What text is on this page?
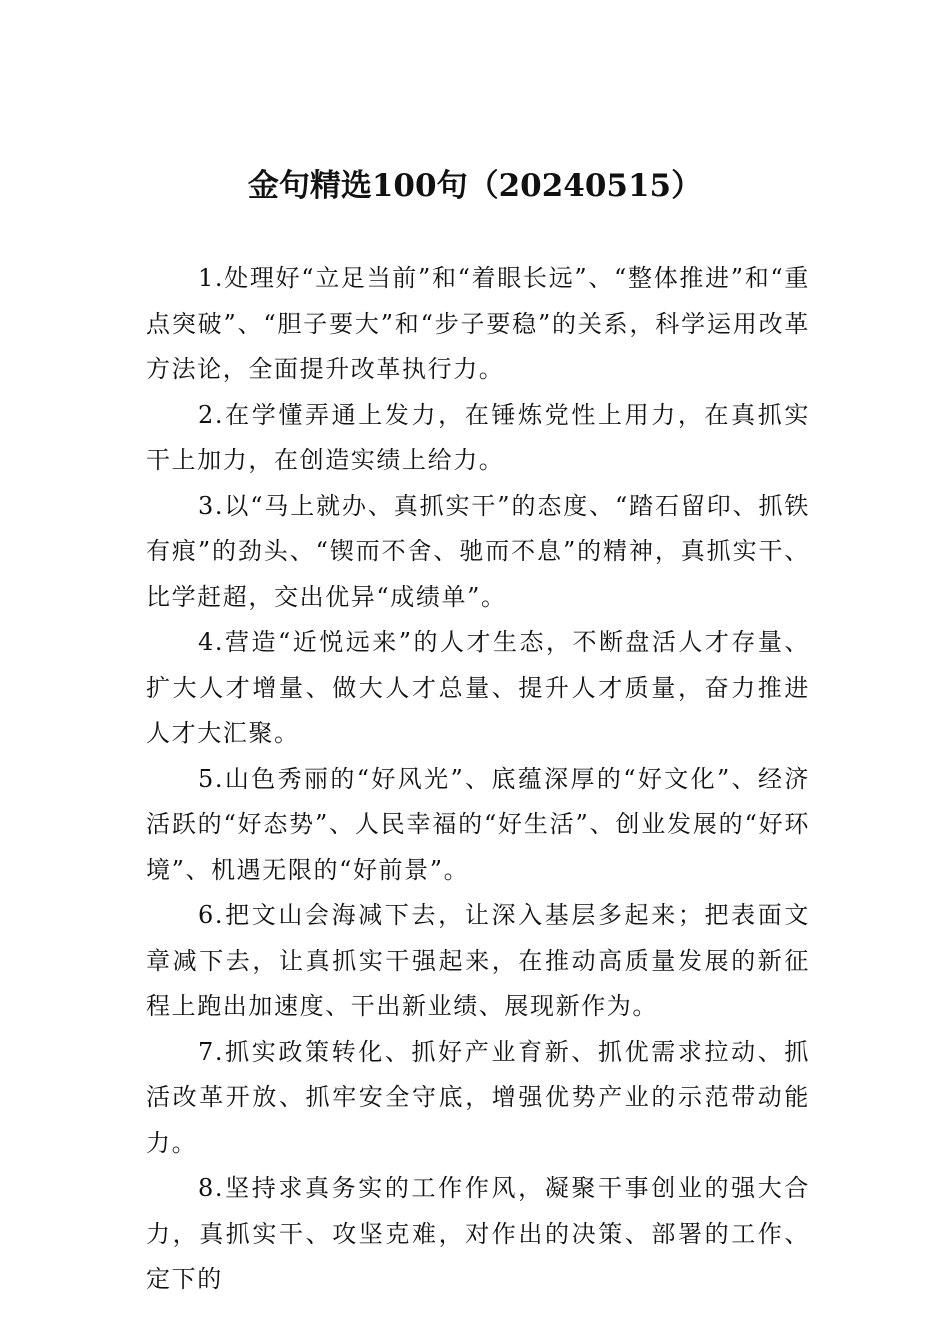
金句精选100句（20240515）

1.处理好“立足当前”和“着眼长远”、“整体推进”和“重点突破”、“胆子要大”和“步子要稳”的关系，科学运用改革方法论，全面提升改革执行力。

2.在学懂弄通上发力，在锤炼党性上用力，在真抓实干上加力，在创造实绩上给力。

3.以“马上就办、真抓实干”的态度、“踏石留印、抓铁有痕”的劲头、“锲而不舍、驰而不息”的精神，真抓实干、比学赶超，交出优异“成绩单”。

4.营造“近悦远来”的人才生态，不断盘活人才存量、扩大人才增量、做大人才总量、提升人才质量，奋力推进人才大汇聚。

5.山色秀丽的“好风光”、底蕴深厚的“好文化”、经济活跃的“好态势”、人民幸福的“好生活”、创业发展的“好环境”、机遇无限的“好前景”。

6.把文山会海减下去，让深入基层多起来；把表面文章减下去，让真抓实干强起来，在推动高质量发展的新征程上跑出加速度、干出新业绩、展现新作为。

7.抓实政策转化、抓好产业育新、抓优需求拉动、抓活改革开放、抓牢安全守底，增强优势产业的示范带动能力。

8.坚持求真务实的工作作风，凝聚干事创业的强大合力，真抓实干、攻坚克难，对作出的决策、部署的工作、定下的
